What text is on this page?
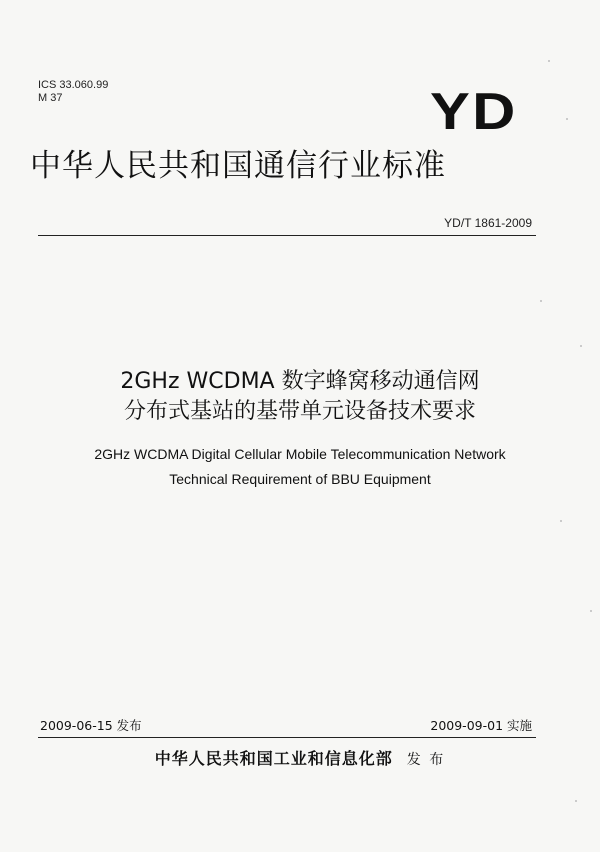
ICS 33.060.99
M 37	YD
中华人民共和国通信行业标准
YD/T 1861-2009
2GHz WCDMA 数字蜂窝移动通信网
分布式基站的基带单元设备技术要求
2GHz WCDMA Digital Cellular Mobile Telecommunication Network
Technical Requirement of BBU Equipment
2009-06-15 发布	2009-09-01 实施
中华人民共和国工业和信息化部 发 布
